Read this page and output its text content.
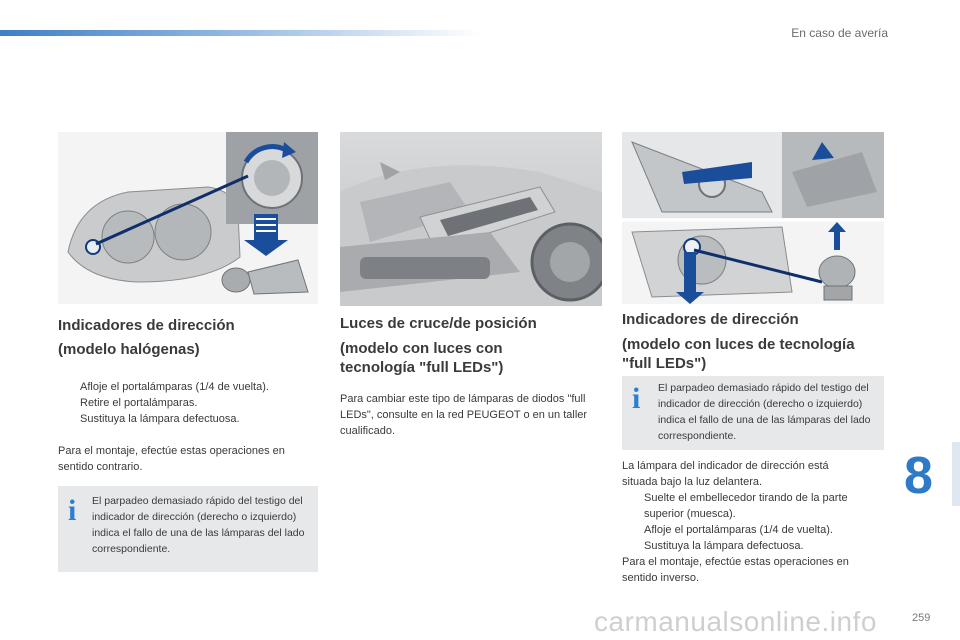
En caso de avería
Indicadores de dirección
(modelo halógenas)
Afloje el portalámparas (1/4 de vuelta).
Retire el portalámparas.
Sustituya la lámpara defectuosa.
Para el montaje, efectúe estas operaciones en sentido contrario.
i El parpadeo demasiado rápido del testigo del indicador de dirección (derecho o izquierdo) indica el fallo de una de las lámparas del lado correspondiente.
Luces de cruce/de posición
(modelo con luces con tecnología "full LEDs")
Para cambiar este tipo de lámparas de diodos "full LEDs", consulte en la red PEUGEOT o en un taller cualificado.
Indicadores de dirección
(modelo con luces de tecnología "full LEDs")
i El parpadeo demasiado rápido del testigo del indicador de dirección (derecho o izquierdo) indica el fallo de una de las lámparas del lado correspondiente.
La lámpara del indicador de dirección está situada bajo la luz delantera.
Suelte el embellecedor tirando de la parte superior (muesca).
Afloje el portalámparas (1/4 de vuelta).
Sustituya la lámpara defectuosa.
Para el montaje, efectúe estas operaciones en sentido inverso.
8
carmanualsonline.info	259
